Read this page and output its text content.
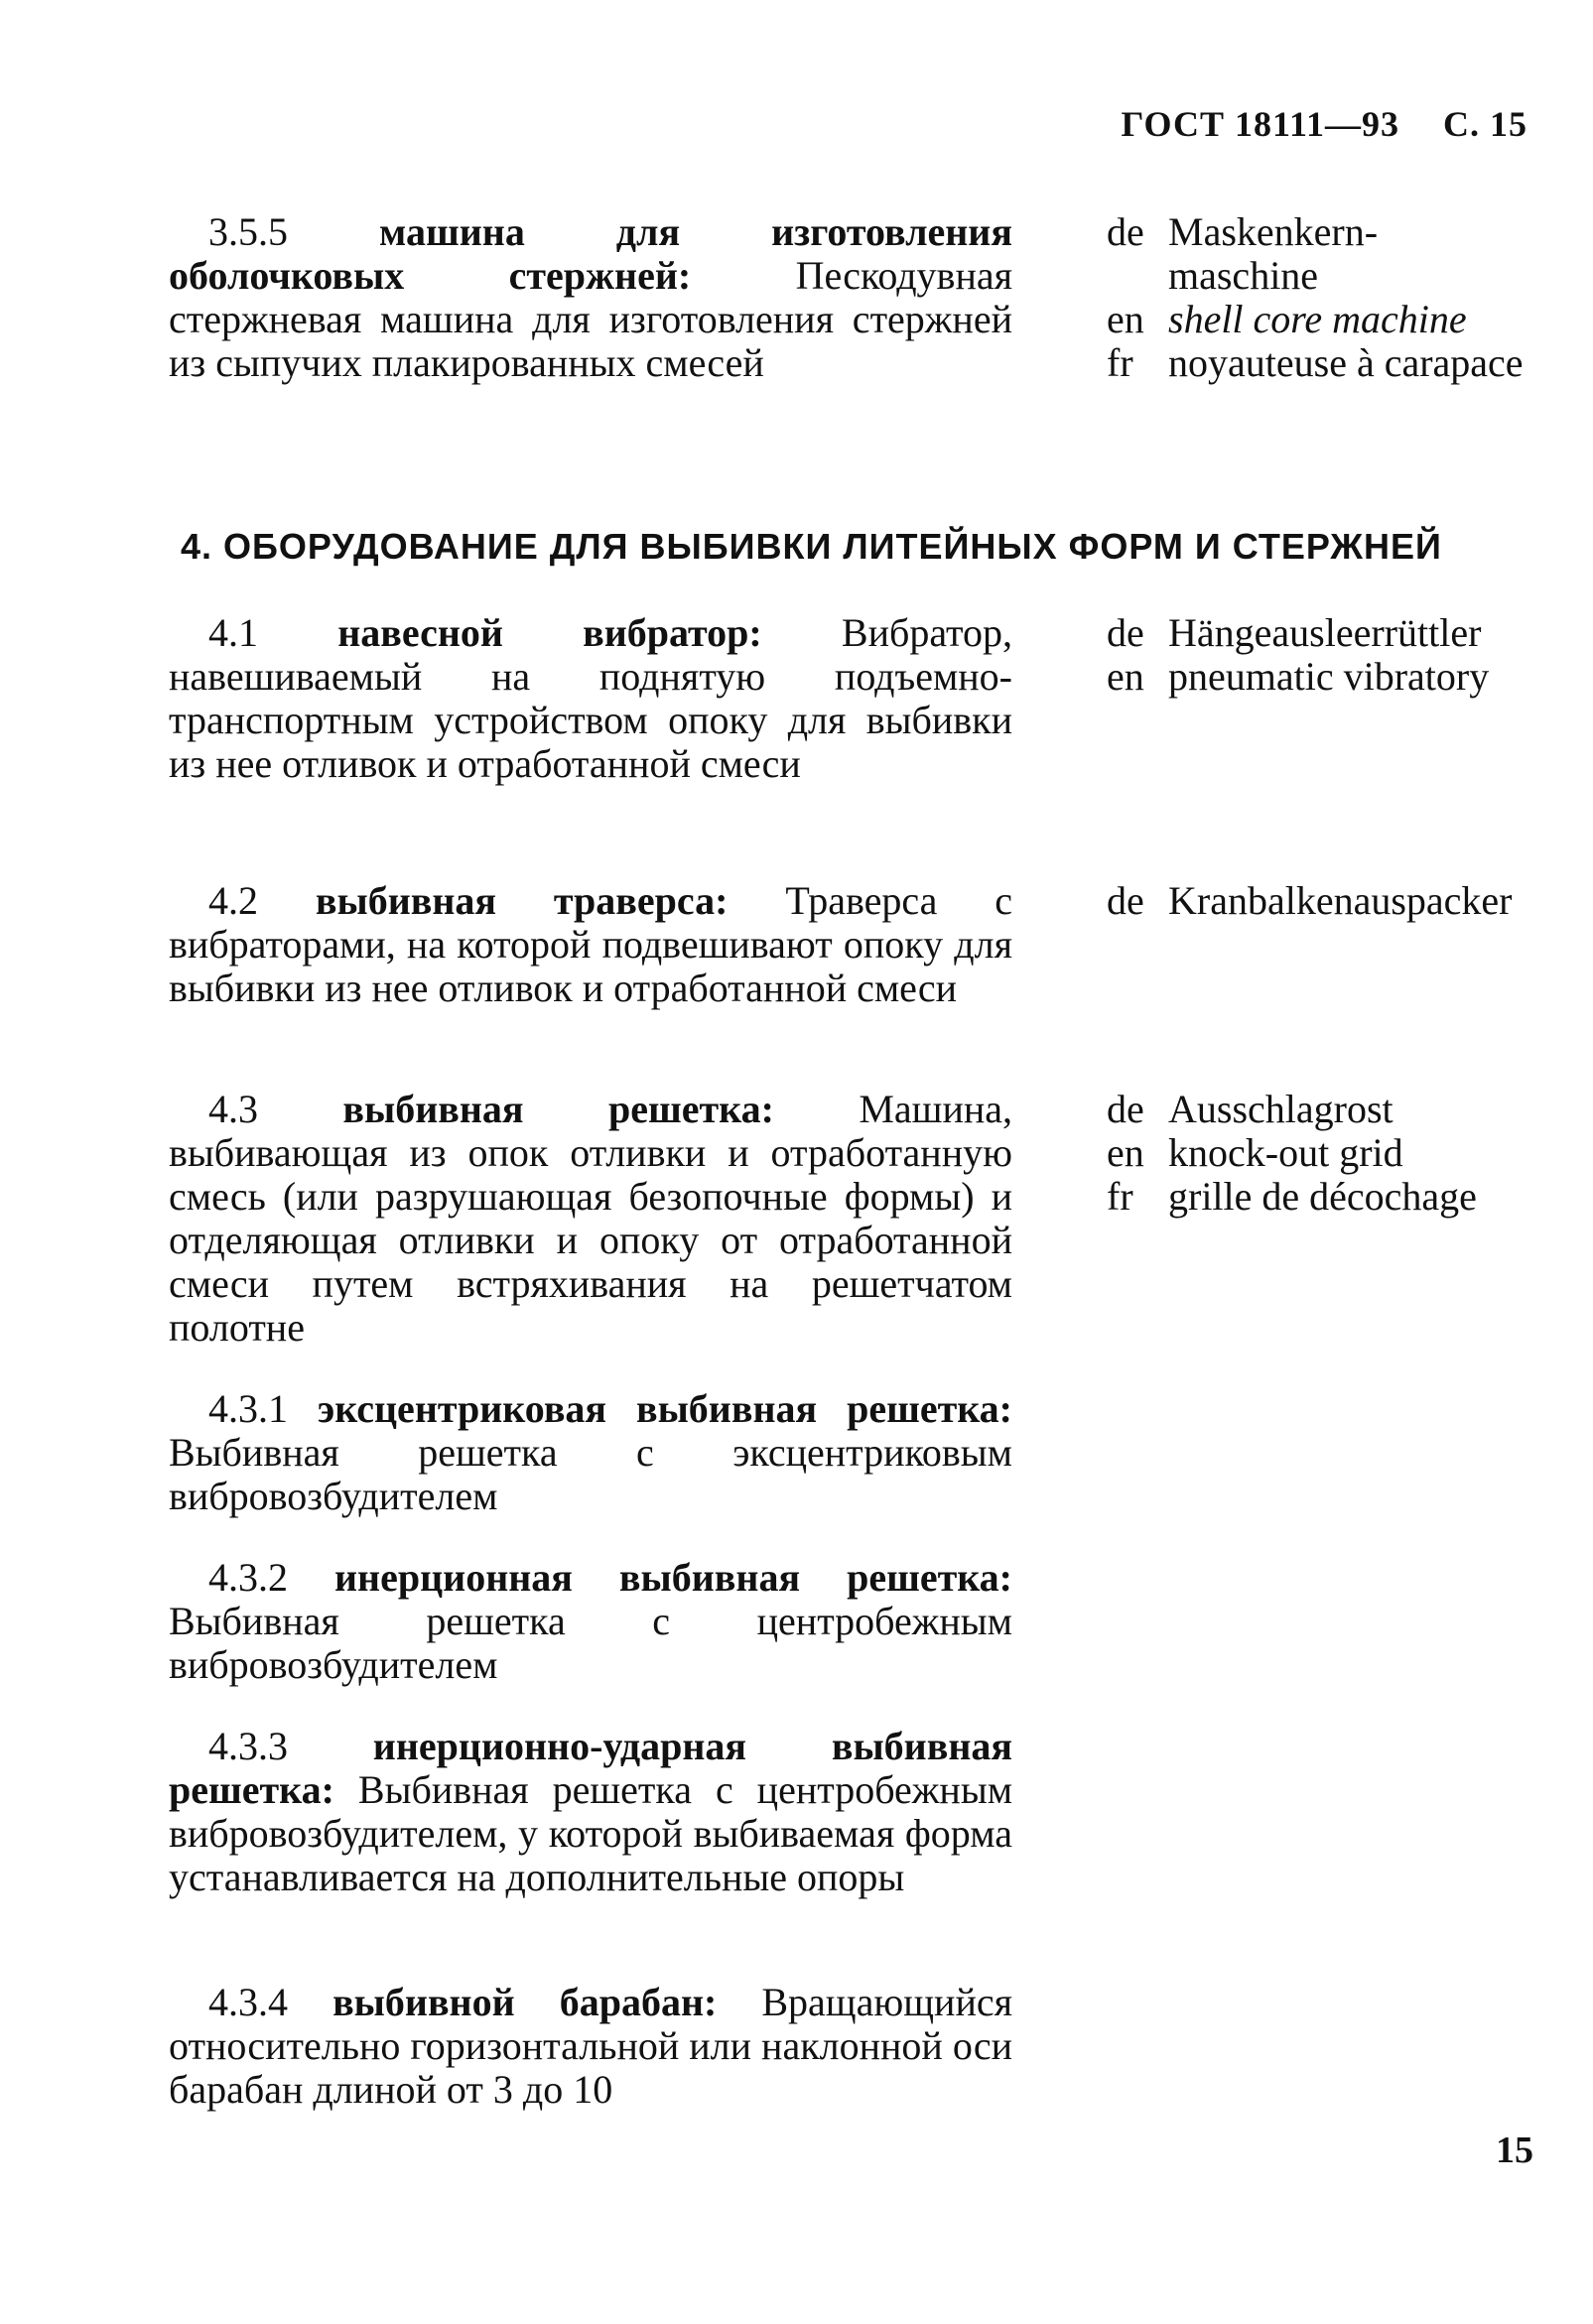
ГОСТ 18111—93 С. 15
3.5.5 машина для изготовления оболочковых стержней:	Пескодувная стержневая машина для изготовления стержней из сыпучих плакированных смесей
de Maskenkern-maschine
en shell core machine
fr noyauteuse à carapace
4. ОБОРУДОВАНИЕ ДЛЯ ВЫБИВКИ ЛИТЕЙНЫХ ФОРМ И СТЕРЖНЕЙ
4.1 навесной вибратор: Вибратор, навешиваемый на поднятую подъемно-транспортным устройством опоку для выбивки из нее отливок и отработанной смеси
de Hängeausleerrüttler
en pneumatic vibratory
4.2 выбивная траверса: Траверса с вибраторами, на которой подвешивают опоку для выбивки из нее отливок и отработанной смеси
de Kranbalkenauspacker
4.3 выбивная решетка: Машина, выбивающая из опок отливки и отработанную смесь (или разрушающая безопочные формы) и отделяющая отливки и опоку от отработанной смеси путем встряхивания на решетчатом полотне
de Ausschlagrost
en knock-out grid
fr grille de décochage
4.3.1 эксцентриковая выбивная решетка: Выбивная решетка с эксцентриковым вибровозбудителем
4.3.2 инерционная выбивная решетка: Выбивная решетка с центробежным вибровозбудителем
4.3.3 инерционно-ударная выбивная решетка: Выбивная решетка с центробежным вибровозбудителем, у которой выбиваемая форма устанавливается на дополнительные опоры
4.3.4 выбивной барабан: Вращающийся относительно горизонтальной или наклонной оси барабан длиной от 3 до 10
15
